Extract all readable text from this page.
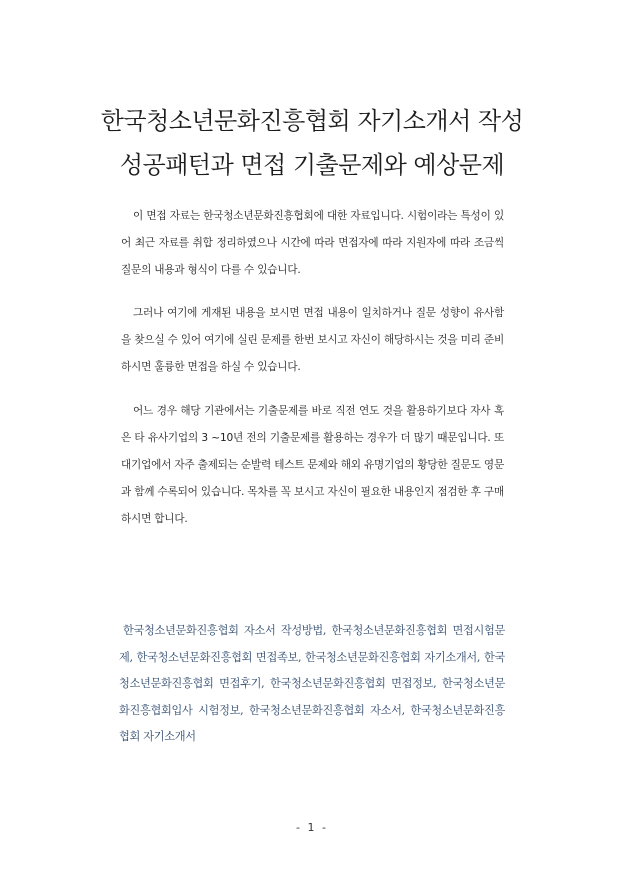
한국청소년문화진흥협회 자기소개서 작성
성공패턴과 면접 기출문제와 예상문제

이 면접 자료는 한국청소년문화진흥협회에 대한 자료입니다. 시험이라는 특성이 있어 최근 자료를 취합 정리하였으나 시간에 따라 면접자에 따라 지원자에 따라 조금씩 질문의 내용과 형식이 다를 수 있습니다.

그러나 여기에 게재된 내용을 보시면 면접 내용이 일치하거나 질문 성향이 유사함을 찾으실 수 있어 여기에 실린 문제를 한번 보시고 자신이 해당하시는 것을 미리 준비하시면 훌륭한 면접을 하실 수 있습니다.

어느 경우 해당 기관에서는 기출문제를 바로 직전 연도 것을 활용하기보다 자사 혹은 타 유사기업의 3 ~10년 전의 기출문제를 활용하는 경우가 더 많기 때문입니다. 또 대기업에서 자주 출제되는 순발력 테스트 문제와 해외 유명기업의 황당한 질문도 영문과 함께 수록되어 있습니다. 목차를 꼭 보시고 자신이 필요한 내용인지 점검한 후 구매하시면 합니다.

한국청소년문화진흥협회 자소서 작성방법, 한국청소년문화진흥협회 면접시험문제, 한국청소년문화진흥협회 면접족보, 한국청소년문화진흥협회 자기소개서, 한국청소년문화진흥협회 면접후기, 한국청소년문화진흥협회 면접정보, 한국청소년문화진흥협회입사 시험정보, 한국청소년문화진흥협회 자소서, 한국청소년문화진흥협회 자기소개서

- 1 -
